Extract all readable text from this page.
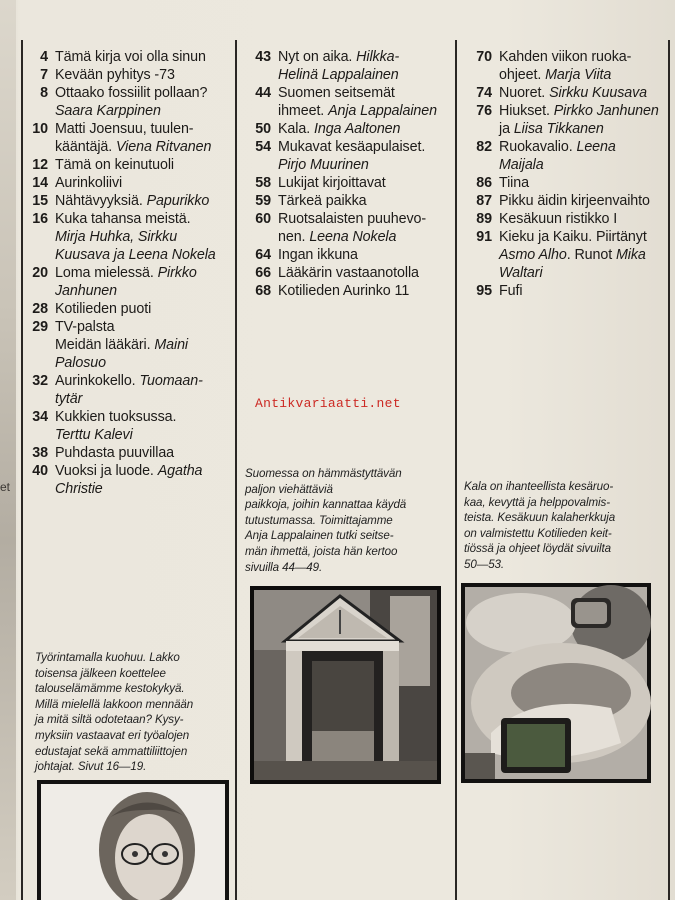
et
4 Tämä kirja voi olla sinun
7 Kevään pyhitys -73
8 Ottaako fossiilit pollaan?
Saara Karppinen
10 Matti Joensuu, tuulen-
kääntäjä. Viena Ritvanen
12 Tämä on keinutuoli
14 Aurinkoliivi
15 Nähtävyyksiä. Papurikko
16 Kuka tahansa meistä.
Mirja Huhka, Sirkku
Kuusava ja Leena Nokela
20 Loma mielessä. Pirkko
Janhunen
28 Kotilieden puoti
29 TV-palsta
Meidän lääkäri. Maini
Palosuo
32 Aurinkokello. Tuomaan-
tytär
34 Kukkien tuoksussa.
Terttu Kalevi
38 Puhdasta puuvillaa
40 Vuoksi ja luode. Agatha
Christie
43 Nyt on aika. Hilkka-
Helinä Lappalainen
44 Suomen seitsemät
ihmeet. Anja Lappalainen
50 Kala. Inga Aaltonen
54 Mukavat kesäapulaiset.
Pirjo Muurinen
58 Lukijat kirjoittavat
59 Tärkeä paikka
60 Ruotsalaisten puuhevo-
nen. Leena Nokela
64 Ingan ikkuna
66 Lääkärin vastaanotolla
68 Kotilieden Aurinko 11
70 Kahden viikon ruoka-
ohjeet. Marja Viita
74 Nuoret. Sirkku Kuusava
76 Hiukset. Pirkko Janhunen
ja Liisa Tikkanen
82 Ruokavalio. Leena
Maijala
86 Tiina
87 Pikku äidin kirjeenvaihto
89 Kesäkuun ristikko I
91 Kieku ja Kaiku. Piirtänyt
Asmo Alho. Runot Mika
Waltari
95 Fufi
Antikvariaatti.net
Suomessa on hämmästyttävän
paljon viehättäviä
paikkoja, joihin kannattaa käydä
tutustumassa. Toimittajamme
Anja Lappalainen tutki seitse-
män ihmettä, joista hän kertoo
sivuilla 44—49.
Kala on ihanteellista kesäruo-
kaa, kevyttä ja helppovalmis-
teista. Kesäkuun kalaherkkuja
on valmistettu Kotilieden keit-
tiössä ja ohjeet löydät sivuilta
50—53.
Työrintamalla kuohuu. Lakko
toisensa jälkeen koettelee
talouselämämme kestokykyä.
Millä mielellä lakkoon mennään
ja mitä siltä odotetaan? Kysy-
myksiin vastaavat eri työalojen
edustajat sekä ammattiliittojen
johtajat. Sivut 16—19.
